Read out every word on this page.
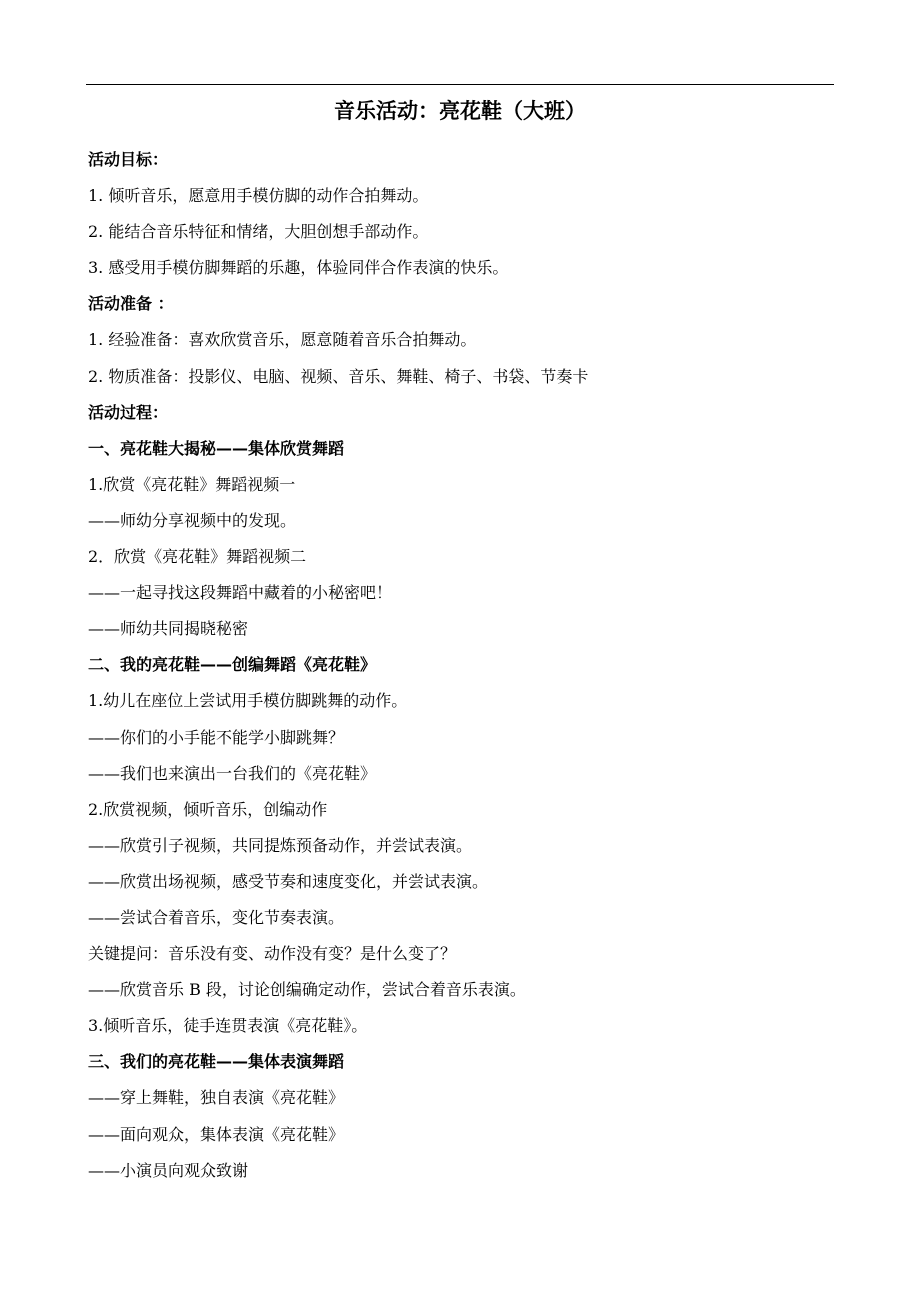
音乐活动：亮花鞋（大班）
活动目标：
1. 倾听音乐，愿意用手模仿脚的动作合拍舞动。
2. 能结合音乐特征和情绪，大胆创想手部动作。
3. 感受用手模仿脚舞蹈的乐趣，体验同伴合作表演的快乐。
活动准备 ：
1. 经验准备：喜欢欣赏音乐，愿意随着音乐合拍舞动。
2. 物质准备：投影仪、电脑、视频、音乐、舞鞋、椅子、书袋、节奏卡
活动过程：
一、亮花鞋大揭秘——集体欣赏舞蹈
1.欣赏《亮花鞋》舞蹈视频一
——师幼分享视频中的发现。
2．欣赏《亮花鞋》舞蹈视频二
——一起寻找这段舞蹈中藏着的小秘密吧！
——师幼共同揭晓秘密
二、我的亮花鞋——创编舞蹈《亮花鞋》
1.幼儿在座位上尝试用手模仿脚跳舞的动作。
——你们的小手能不能学小脚跳舞？
——我们也来演出一台我们的《亮花鞋》
2.欣赏视频，倾听音乐，创编动作
——欣赏引子视频，共同提炼预备动作，并尝试表演。
——欣赏出场视频，感受节奏和速度变化，并尝试表演。
——尝试合着音乐，变化节奏表演。
关键提问：音乐没有变、动作没有变？是什么变了？
——欣赏音乐 B 段，讨论创编确定动作，尝试合着音乐表演。
3.倾听音乐，徒手连贯表演《亮花鞋》。
三、我们的亮花鞋——集体表演舞蹈
——穿上舞鞋，独自表演《亮花鞋》
——面向观众，集体表演《亮花鞋》
——小演员向观众致谢
